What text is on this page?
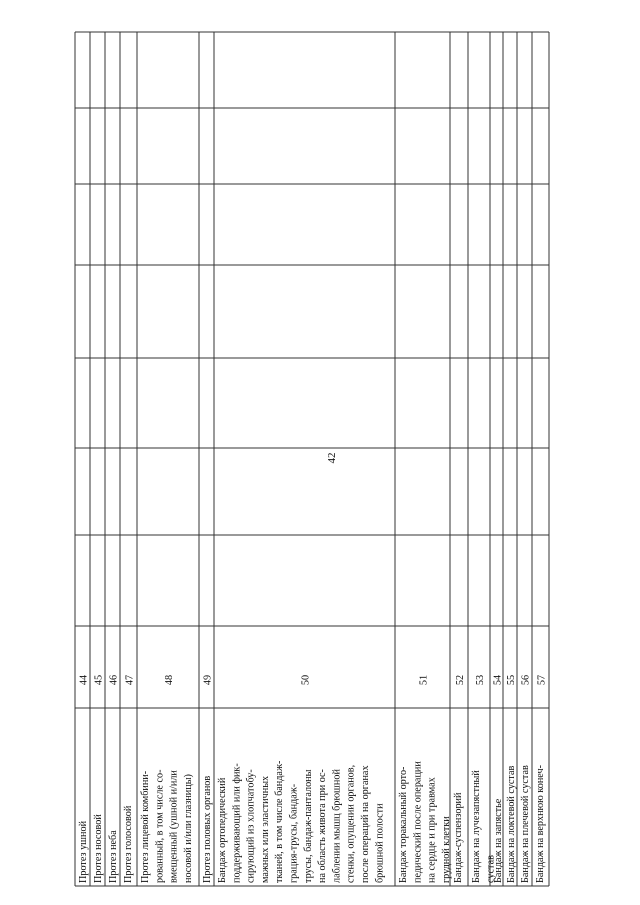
42
Протез ушной
44
Протез носовой
45
Протез неба
46
Протез голосовой
47
Протез лицевой комбини- рованный, в том числе со- вмещенный (ушной и/или носовой и/или глазницы)
48
Протез половых органов
49
Бандаж ортопедический поддерживающий или фик- сирующий из хлопчатобу- мажных или эластичных тканей, в том числе бандаж- грация-трусы, бандаж- трусы, бандаж-панталоны на область живота при ос- лаблении мышц брюшной стенки, опущении органов, после операций на органах брюшной полости
50
Бандаж торакальный орто- педический после операции на сердце и при травмах грудной клетки
51
Бандаж-суспензорий
52
Бандаж на лучезапястный сустав
53
Бандаж на запястье
54
Бандаж на локтевой сустав
55
Бандаж на плечевой сустав
56
Бандаж на верхнюю конеч-
57
